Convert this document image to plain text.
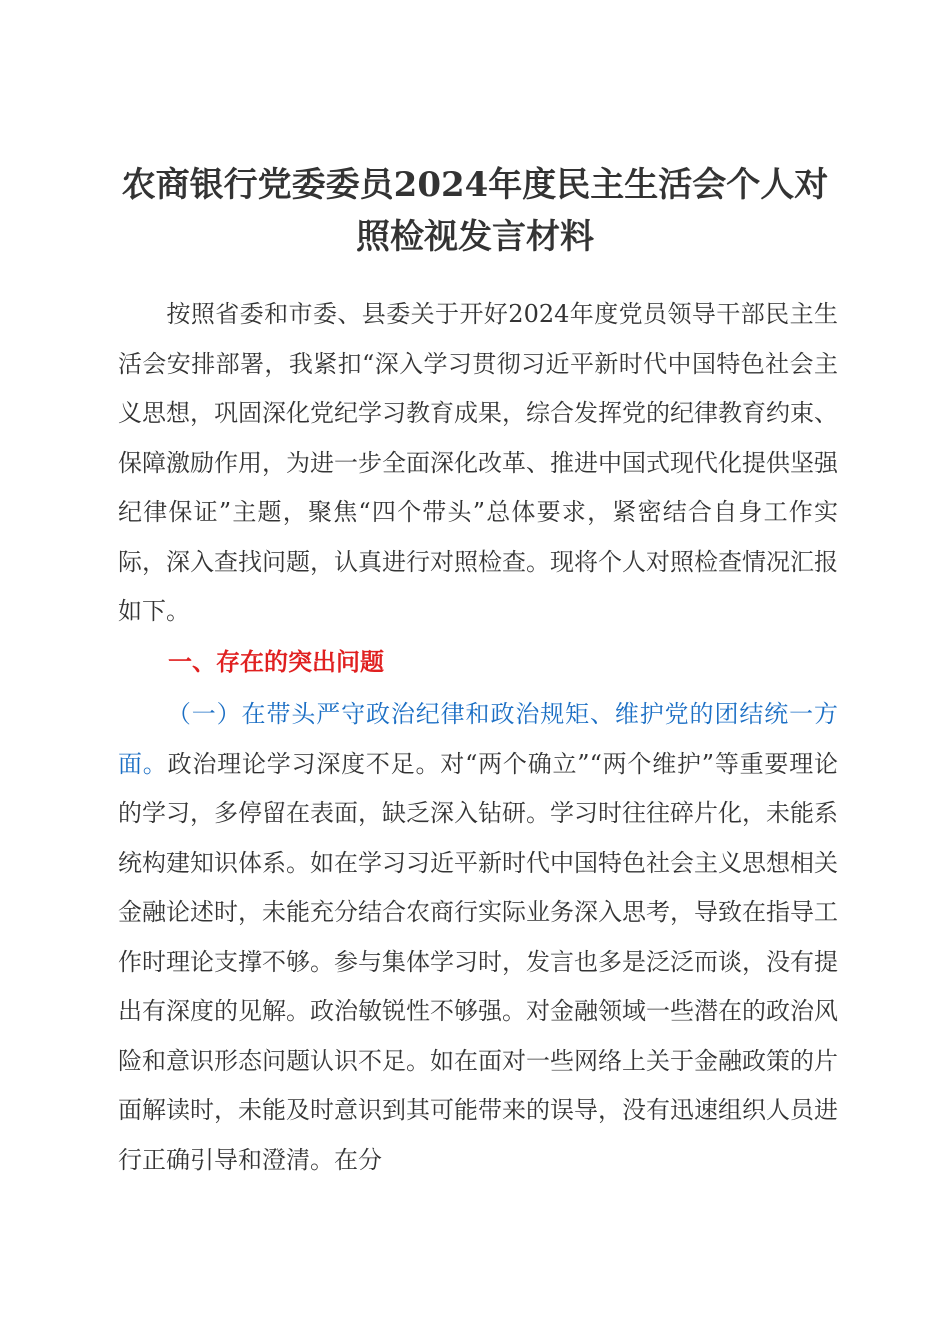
农商银行党委委员2024年度民主生活会个人对
照检视发言材料

按照省委和市委、县委关于开好2024年度党员领导干部民主生活会安排部署，我紧扣“深入学习贯彻习近平新时代中国特色社会主义思想，巩固深化党纪学习教育成果，综合发挥党的纪律教育约束、保障激励作用，为进一步全面深化改革、推进中国式现代化提供坚强纪律保证”主题，聚焦“四个带头”总体要求，紧密结合自身工作实际，深入查找问题，认真进行对照检查。现将个人对照检查情况汇报如下。

一、存在的突出问题

（一）在带头严守政治纪律和政治规矩、维护党的团结统一方面。政治理论学习深度不足。对“两个确立”“两个维护”等重要理论的学习，多停留在表面，缺乏深入钻研。学习时往往碎片化，未能系统构建知识体系。如在学习习近平新时代中国特色社会主义思想相关金融论述时，未能充分结合农商行实际业务深入思考，导致在指导工作时理论支撑不够。参与集体学习时，发言也多是泛泛而谈，没有提出有深度的见解。政治敏锐性不够强。对金融领域一些潜在的政治风险和意识形态问题认识不足。如在面对一些网络上关于金融政策的片面解读时，未能及时意识到其可能带来的误导，没有迅速组织人员进行正确引导和澄清。在分
